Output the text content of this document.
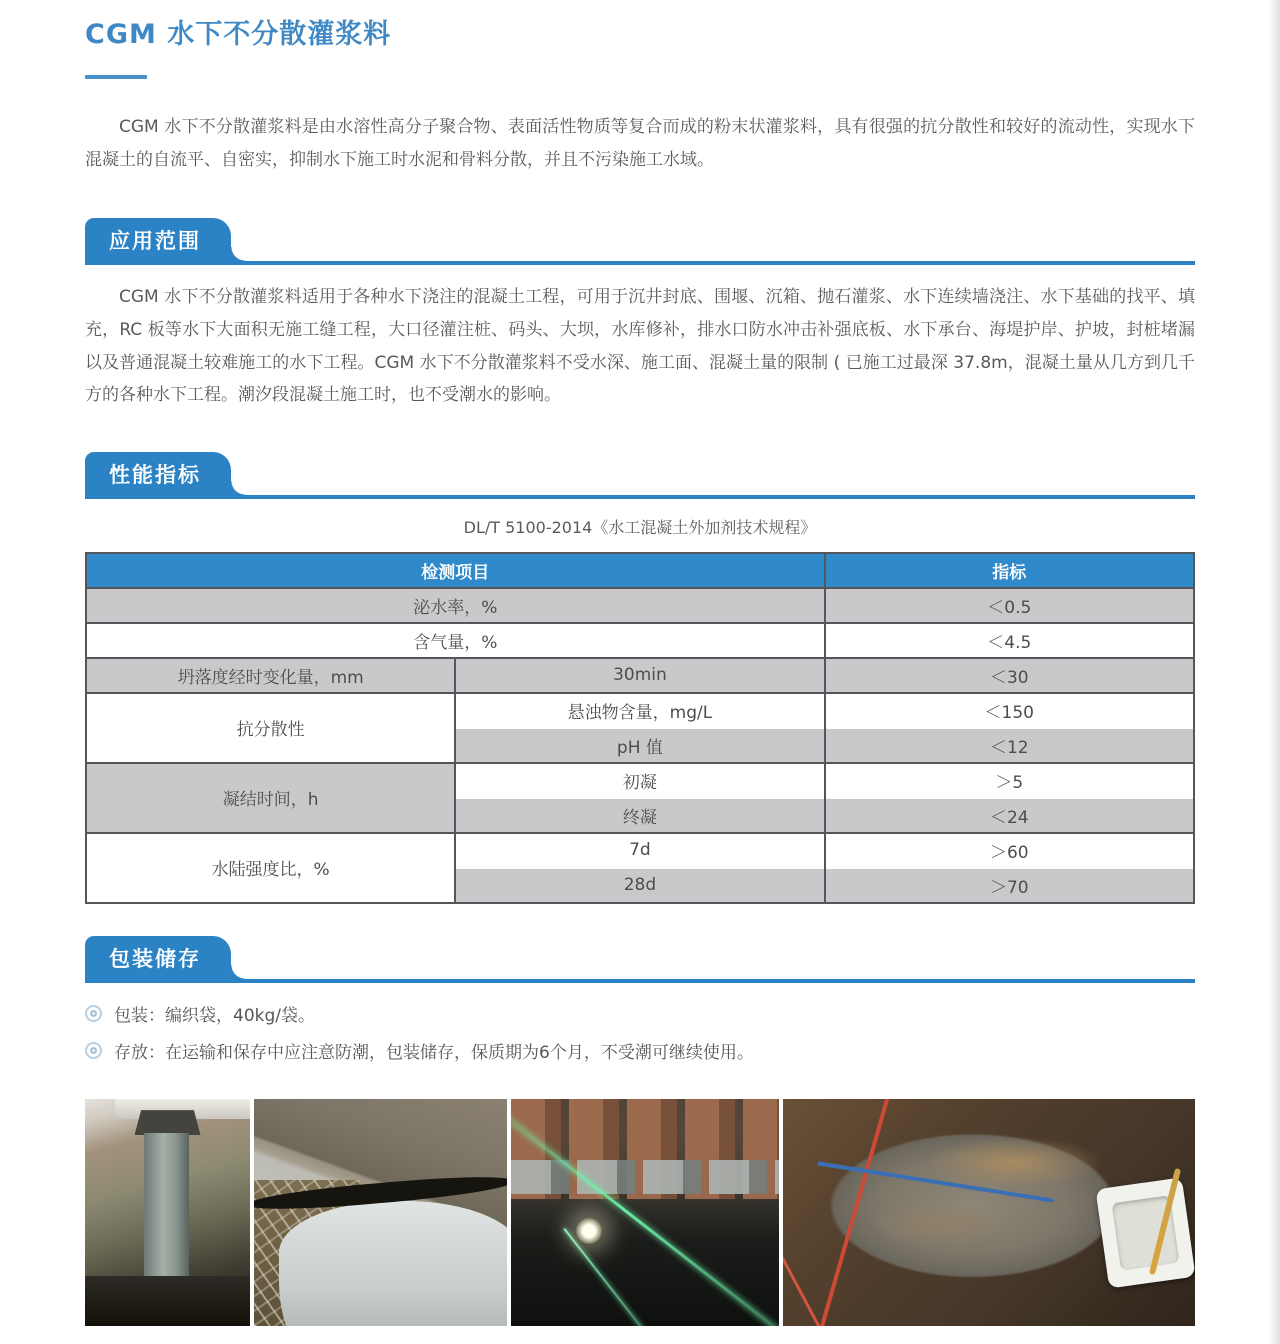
CGM 水下不分散灌浆料

CGM 水下不分散灌浆料是由水溶性高分子聚合物、表面活性物质等复合而成的粉末状灌浆料，具有很强的抗分散性和较好的流动性，实现水下混凝土的自流平、自密实，抑制水下施工时水泥和骨料分散，并且不污染施工水域。

应用范围

CGM 水下不分散灌浆料适用于各种水下浇注的混凝土工程，可用于沉井封底、围堰、沉箱、抛石灌浆、水下连续墙浇注、水下基础的找平、填充，RC 板等水下大面积无施工缝工程，大口径灌注桩、码头、大坝，水库修补，排水口防水冲击补强底板、水下承台、海堤护岸、护坡，封桩堵漏以及普通混凝土较难施工的水下工程。CGM 水下不分散灌浆料不受水深、施工面、混凝土量的限制 ( 已施工过最深 37.8m，混凝土量从几方到几千方的各种水下工程。潮汐段混凝土施工时，也不受潮水的影响。

性能指标
DL/T 5100-2014《水工混凝土外加剂技术规程》
检测项目		指标
泌水率，%		＜0.5
含气量，%		＜4.5
坍落度经时变化量，mm	30min	＜30
抗分散性	悬浊物含量，mg/L	＜150
	pH 值	＜12
凝结时间，h	初凝	＞5
	终凝	＜24
水陆强度比，%	7d	＞60
	28d	＞70
包装储存
包装：编织袋，40kg/袋。
存放：在运输和保存中应注意防潮，包装储存，保质期为6个月，不受潮可继续使用。
